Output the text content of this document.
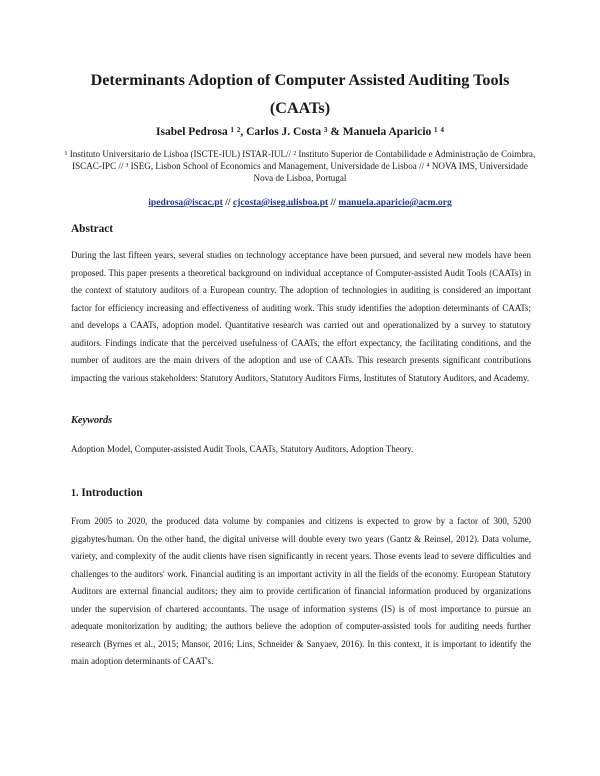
Determinants Adoption of Computer Assisted Auditing Tools
(CAATs)

Isabel Pedrosa ¹ ², Carlos J. Costa ³ & Manuela Aparicio ¹ ⁴

¹ Instituto Universitario de Lisboa (ISCTE-IUL) ISTAR-IUL// ² Instituto Superior de Contabilidade e Administração de Coimbra, ISCAC-IPC // ³ ISEG, Lisbon School of Economics and Management, Universidade de Lisboa // ⁴ NOVA IMS, Universidade Nova de Lisboa, Portugal

ipedrosa@iscac.pt // cjcosta@iseg.ulisboa.pt // manuela.aparicio@acm.org

Abstract

During the last fifteen years, several studies on technology acceptance have been pursued, and several new models have been proposed. This paper presents a theoretical background on individual acceptance of Computer-assisted Audit Tools (CAATs) in the context of statutory auditors of a European country. The adoption of technologies in auditing is considered an important factor for efficiency increasing and effectiveness of auditing work. This study identifies the adoption determinants of CAATs; and develops a CAATs, adoption model. Quantitative research was carried out and operationalized by a survey to statutory auditors. Findings indicate that the perceived usefulness of CAATs, the effort expectancy, the facilitating conditions, and the number of auditors are the main drivers of the adoption and use of CAATs. This research presents significant contributions impacting the various stakeholders: Statutory Auditors, Statutory Auditors Firms, Institutes of Statutory Auditors, and Academy.

Keywords

Adoption Model, Computer-assisted Audit Tools, CAATs, Statutory Auditors, Adoption Theory.

1. Introduction

From 2005 to 2020, the produced data volume by companies and citizens is expected to grow by a factor of 300, 5200 gigabytes/human. On the other hand, the digital universe will double every two years (Gantz & Reinsel, 2012). Data volume, variety, and complexity of the audit clients have risen significantly in recent years. Those events lead to severe difficulties and challenges to the auditors' work. Financial auditing is an important activity in all the fields of the economy. European Statutory Auditors are external financial auditors; they aim to provide certification of financial information produced by organizations under the supervision of chartered accountants. The usage of information systems (IS) is of most importance to pursue an adequate monitorization by auditing; the authors believe the adoption of computer-assisted tools for auditing needs further research (Byrnes et al., 2015; Mansor, 2016; Lins, Schneider & Sanyaev, 2016). In this context, it is important to identify the main adoption determinants of CAAT's.
